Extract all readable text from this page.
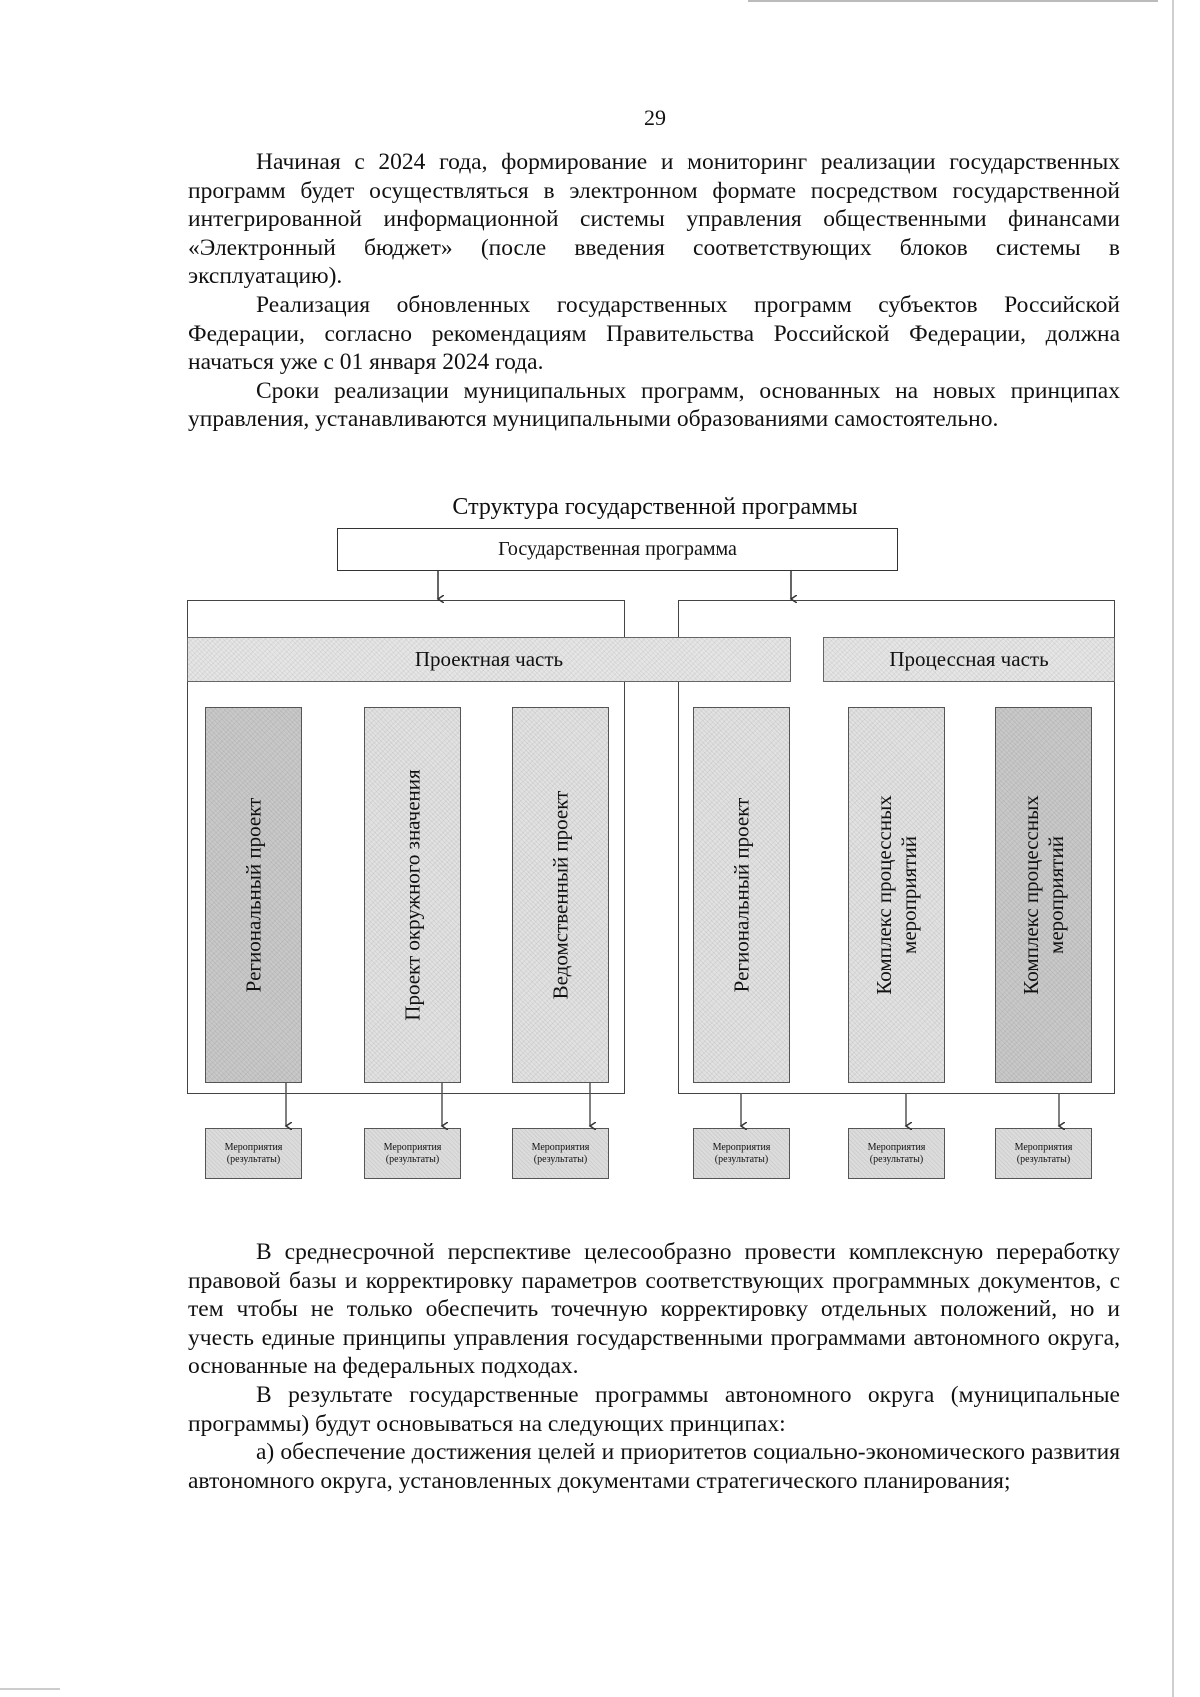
29

Начиная с 2024 года, формирование и мониторинг реализации государственных программ будет осуществляться в электронном формате посредством государственной интегрированной информационной системы управления общественными финансами «Электронный бюджет» (после введения соответствующих блоков системы в эксплуатацию).

Реализация обновленных государственных программ субъектов Российской Федерации, согласно рекомендациям Правительства Российской Федерации, должна начаться уже с 01 января 2024 года.

Сроки реализации муниципальных программ, основанных на новых принципах управления, устанавливаются муниципальными образованиями самостоятельно.

Структура государственной программы
Государственная программа
Проектная часть	Процессная часть
Региональный проект	Проект окружного значения	Ведомственный проект	Региональный проект	Комплекс процессных
мероприятий	Комплекс процессных
мероприятий
Мероприятия (результаты)
Мероприятия (результаты)
Мероприятия (результаты)
Мероприятия (результаты)
Мероприятия (результаты)
Мероприятия (результаты)

В среднесрочной перспективе целесообразно провести комплексную переработку правовой базы и корректировку параметров соответствующих программных документов, с тем чтобы не только обеспечить точечную корректировку отдельных положений, но и учесть единые принципы управления государственными программами автономного округа, основанные на федеральных подходах.

В результате государственные программы автономного округа (муниципальные программы) будут основываться на следующих принципах:

а) обеспечение достижения целей и приоритетов социально-экономического развития автономного округа, установленных документами стратегического планирования;
